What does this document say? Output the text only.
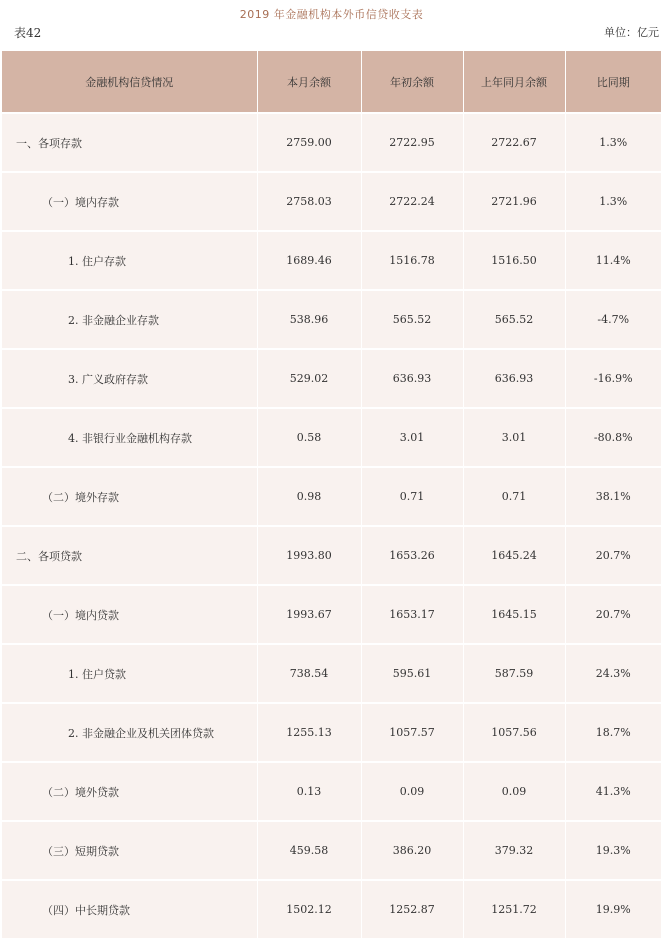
2019 年金融机构本外币信贷收支表
表42	单位：亿元
金融机构信贷情况	本月余额	年初余额	上年同月余额	比同期
一、各项存款	2759.00	2722.95	2722.67	1.3%
（一）境内存款	2758.03	2722.24	2721.96	1.3%
1. 住户存款	1689.46	1516.78	1516.50	11.4%
2. 非金融企业存款	538.96	565.52	565.52	-4.7%
3. 广义政府存款	529.02	636.93	636.93	-16.9%
4. 非银行业金融机构存款	0.58	3.01	3.01	-80.8%
（二）境外存款	0.98	0.71	0.71	38.1%
二、各项贷款	1993.80	1653.26	1645.24	20.7%
（一）境内贷款	1993.67	1653.17	1645.15	20.7%
1. 住户贷款	738.54	595.61	587.59	24.3%
2. 非金融企业及机关团体贷款	1255.13	1057.57	1057.56	18.7%
（二）境外贷款	0.13	0.09	0.09	41.3%
（三）短期贷款	459.58	386.20	379.32	19.3%
（四）中长期贷款	1502.12	1252.87	1251.72	19.9%
